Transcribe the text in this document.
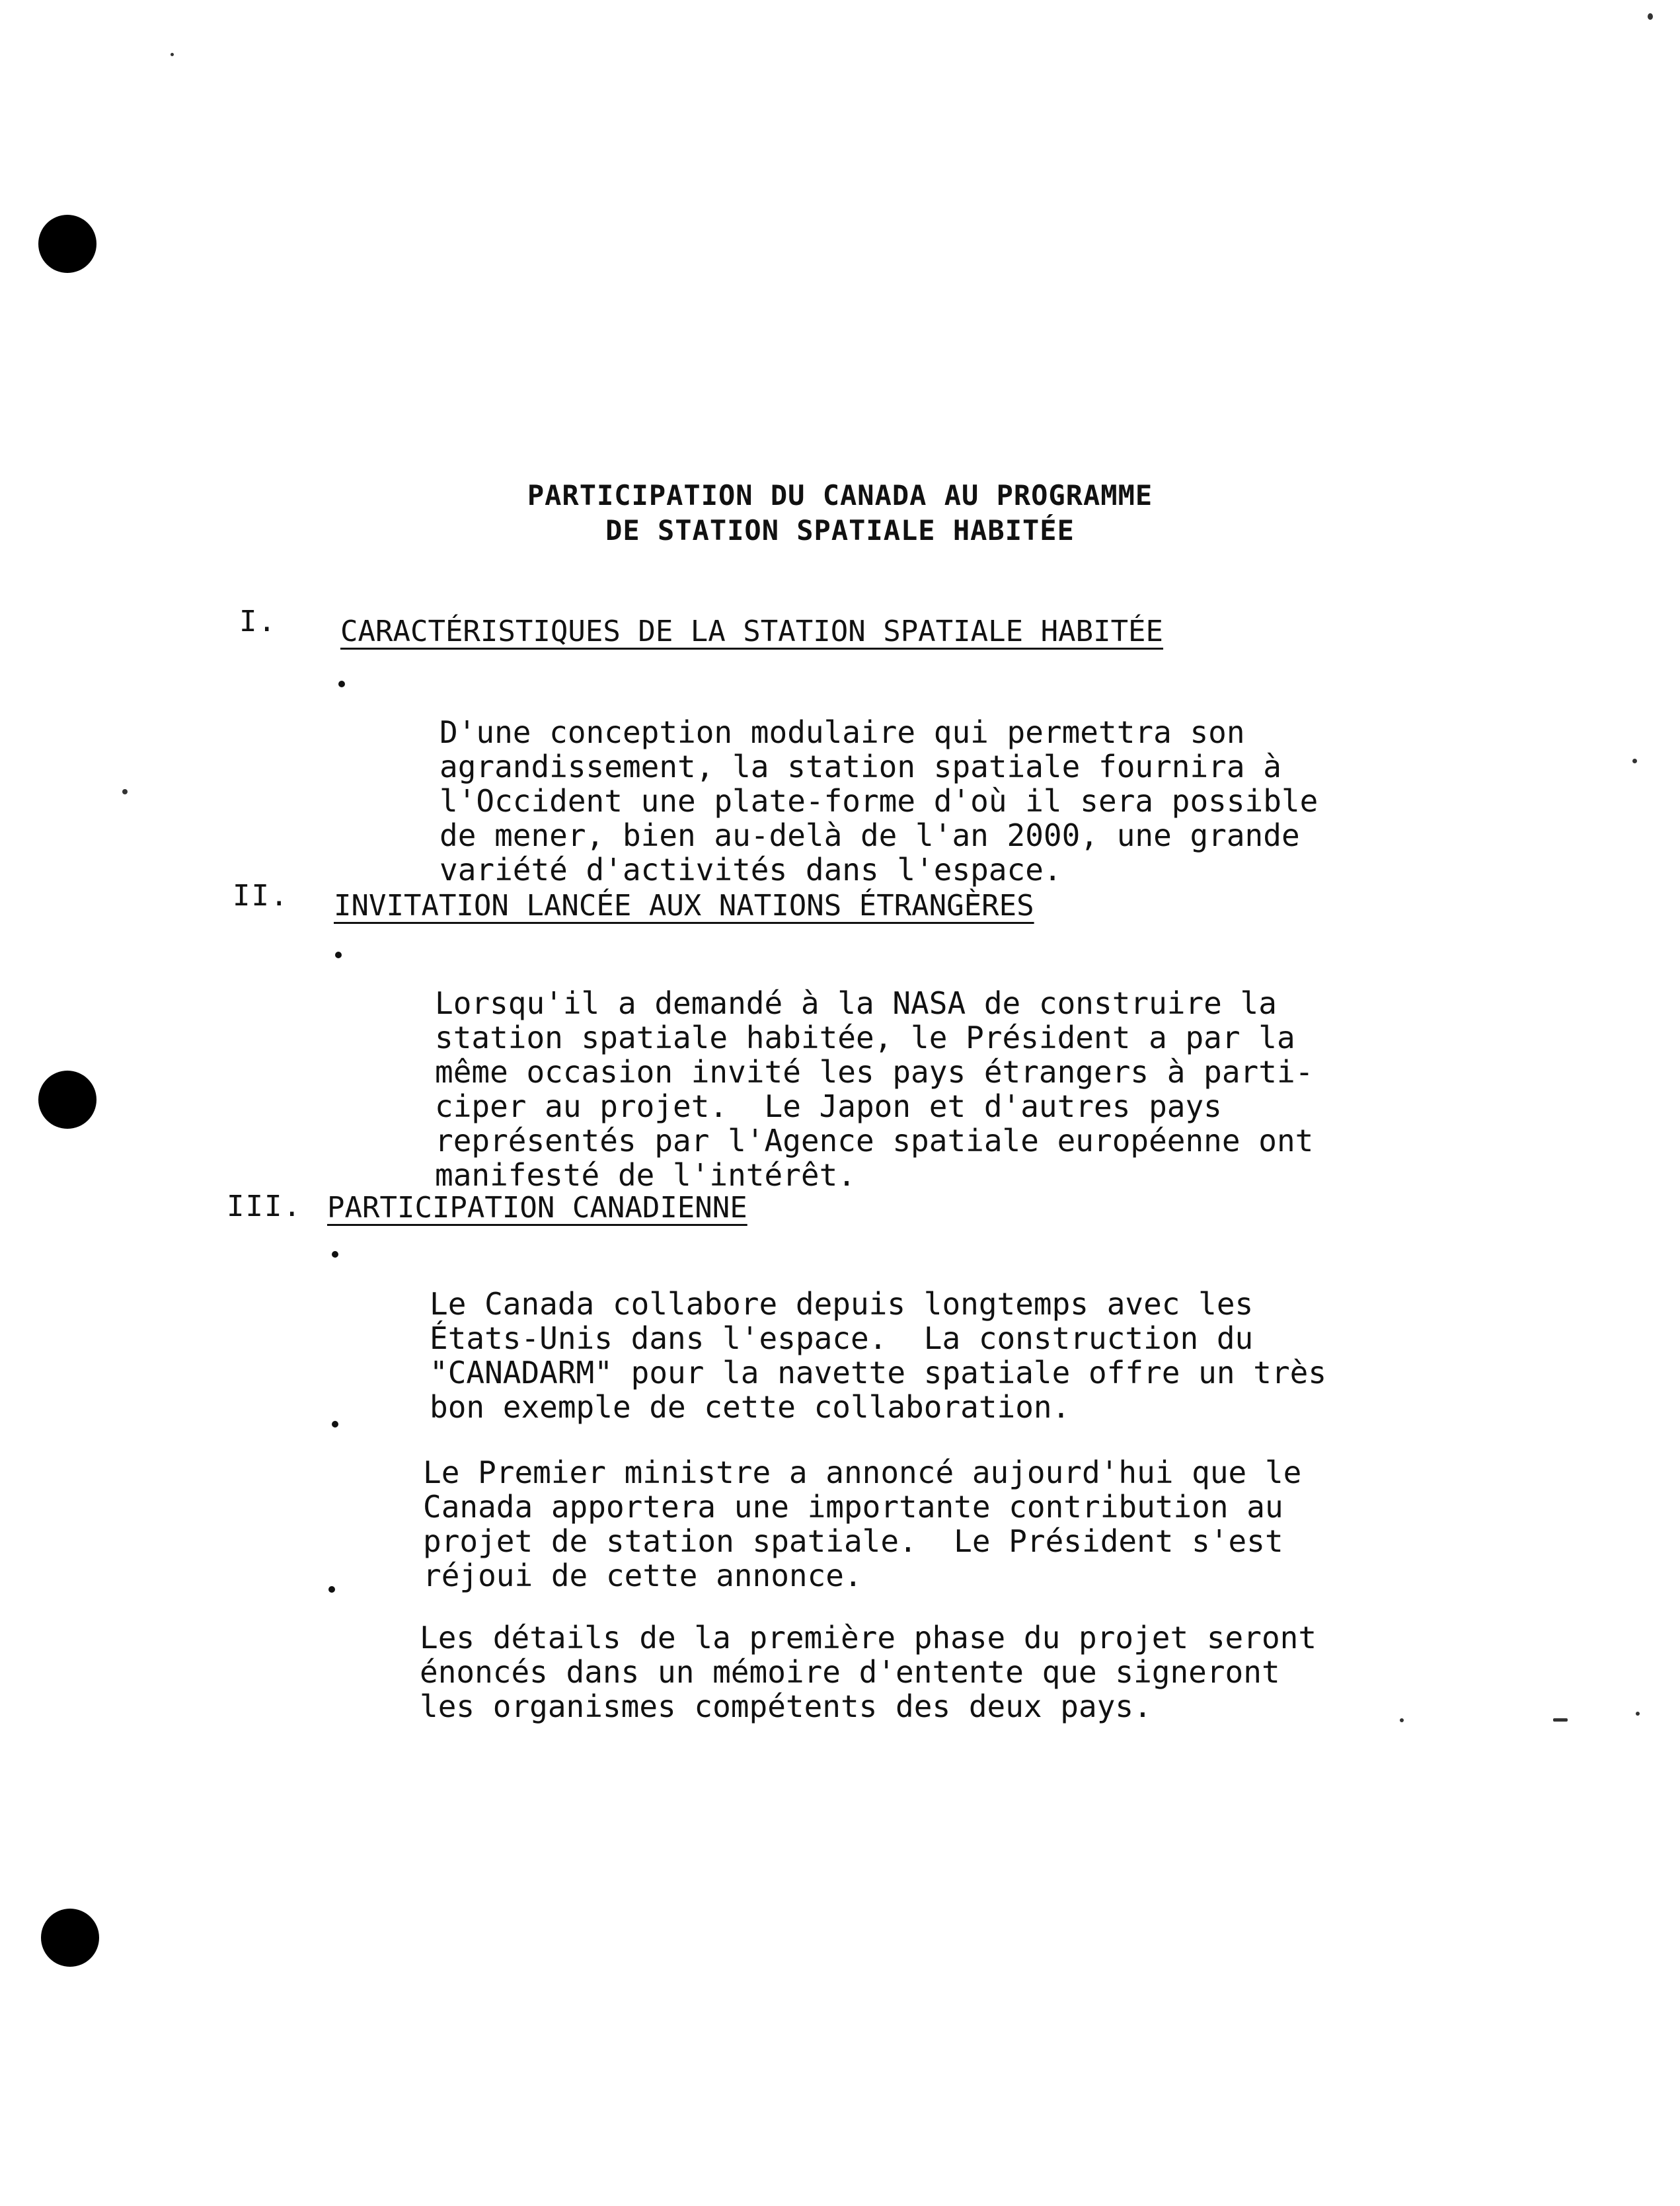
PARTICIPATION DU CANADA AU PROGRAMME
DE STATION SPATIALE HABITÉE
I. CARACTÉRISTIQUES DE LA STATION SPATIALE HABITÉE

D'une conception modulaire qui permettra son
agrandissement, la station spatiale fournira à
l'Occident une plate-forme d'où il sera possible
de mener, bien au-delà de l'an 2000, une grande
variété d'activités dans l'espace.
II. INVITATION LANCÉE AUX NATIONS ÉTRANGÈRES

Lorsqu'il a demandé à la NASA de construire la
station spatiale habitée, le Président a par la
même occasion invité les pays étrangers à parti-
ciper au projet.  Le Japon et d'autres pays
représentés par l'Agence spatiale européenne ont
manifesté de l'intérêt.
III. PARTICIPATION CANADIENNE

Le Canada collabore depuis longtemps avec les
États-Unis dans l'espace.  La construction du
"CANADARM" pour la navette spatiale offre un très
bon exemple de cette collaboration.

Le Premier ministre a annoncé aujourd'hui que le
Canada apportera une importante contribution au
projet de station spatiale.  Le Président s'est
réjoui de cette annonce.

Les détails de la première phase du projet seront
énoncés dans un mémoire d'entente que signeront
les organismes compétents des deux pays.
